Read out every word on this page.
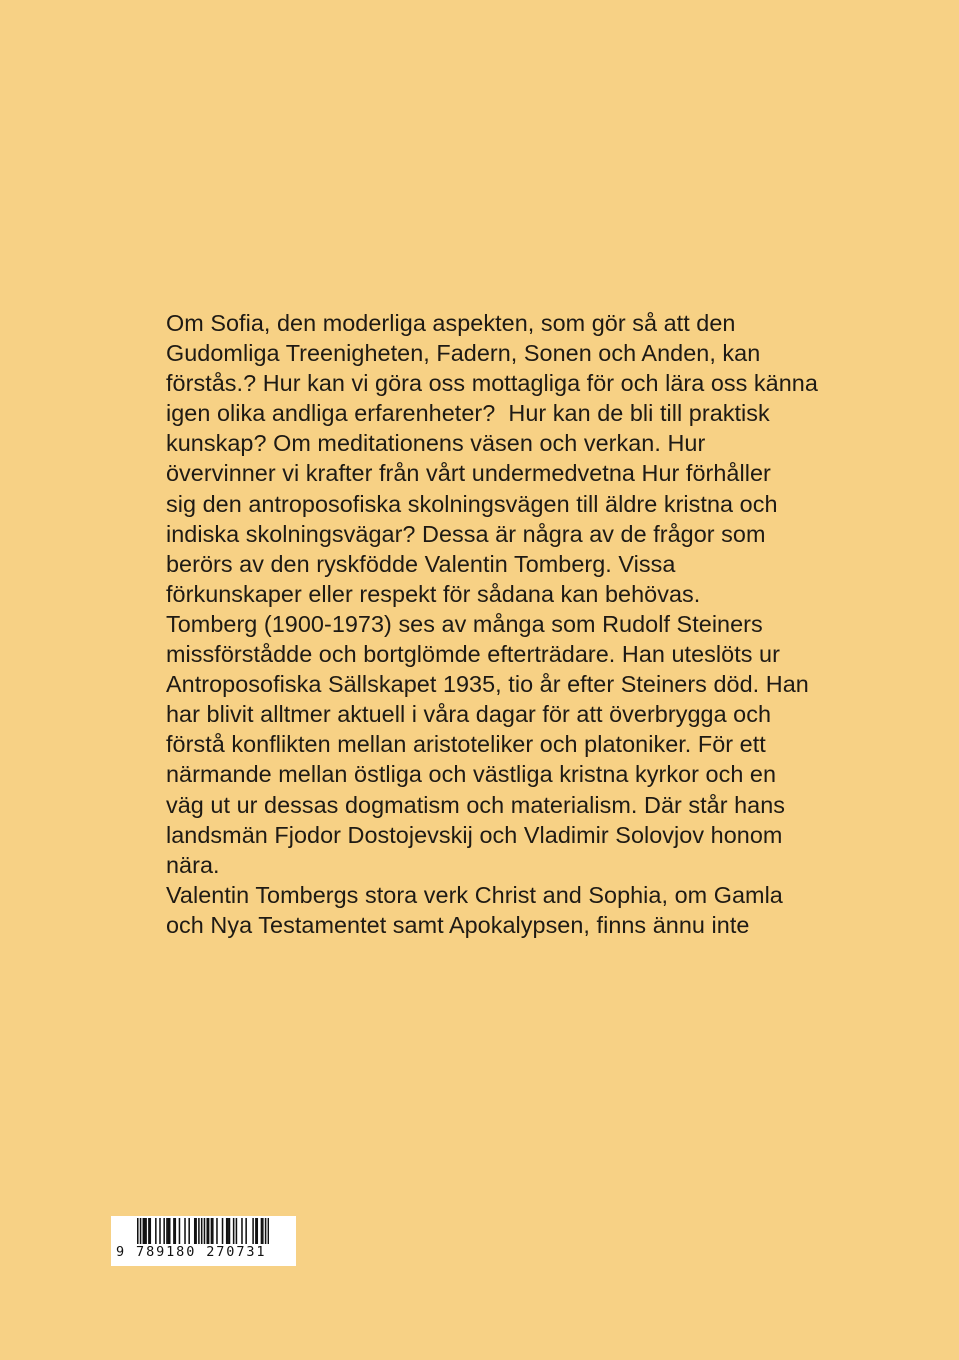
Om Sofia, den moderliga aspekten, som gör så att den
Gudomliga Treenigheten, Fadern, Sonen och Anden, kan
förstås.? Hur kan vi göra oss mottagliga för och lära oss känna
igen olika andliga erfarenheter?  Hur kan de bli till praktisk
kunskap? Om meditationens väsen och verkan. Hur
övervinner vi krafter från vårt undermedvetna Hur förhåller
sig den antroposofiska skolningsvägen till äldre kristna och
indiska skolningsvägar? Dessa är några av de frågor som
berörs av den ryskfödde Valentin Tomberg. Vissa
förkunskaper eller respekt för sådana kan behövas.
Tomberg (1900-1973) ses av många som Rudolf Steiners
missförstådde och bortglömde efterträdare. Han uteslöts ur
Antroposofiska Sällskapet 1935, tio år efter Steiners död. Han
har blivit alltmer aktuell i våra dagar för att överbrygga och
förstå konflikten mellan aristoteliker och platoniker. För ett
närmande mellan östliga och västliga kristna kyrkor och en
väg ut ur dessas dogmatism och materialism. Där står hans
landsmän Fjodor Dostojevskij och Vladimir Solovjov honom
nära.
Valentin Tombergs stora verk Christ and Sophia, om Gamla
och Nya Testamentet samt Apokalypsen, finns ännu inte
9 789180 270731
